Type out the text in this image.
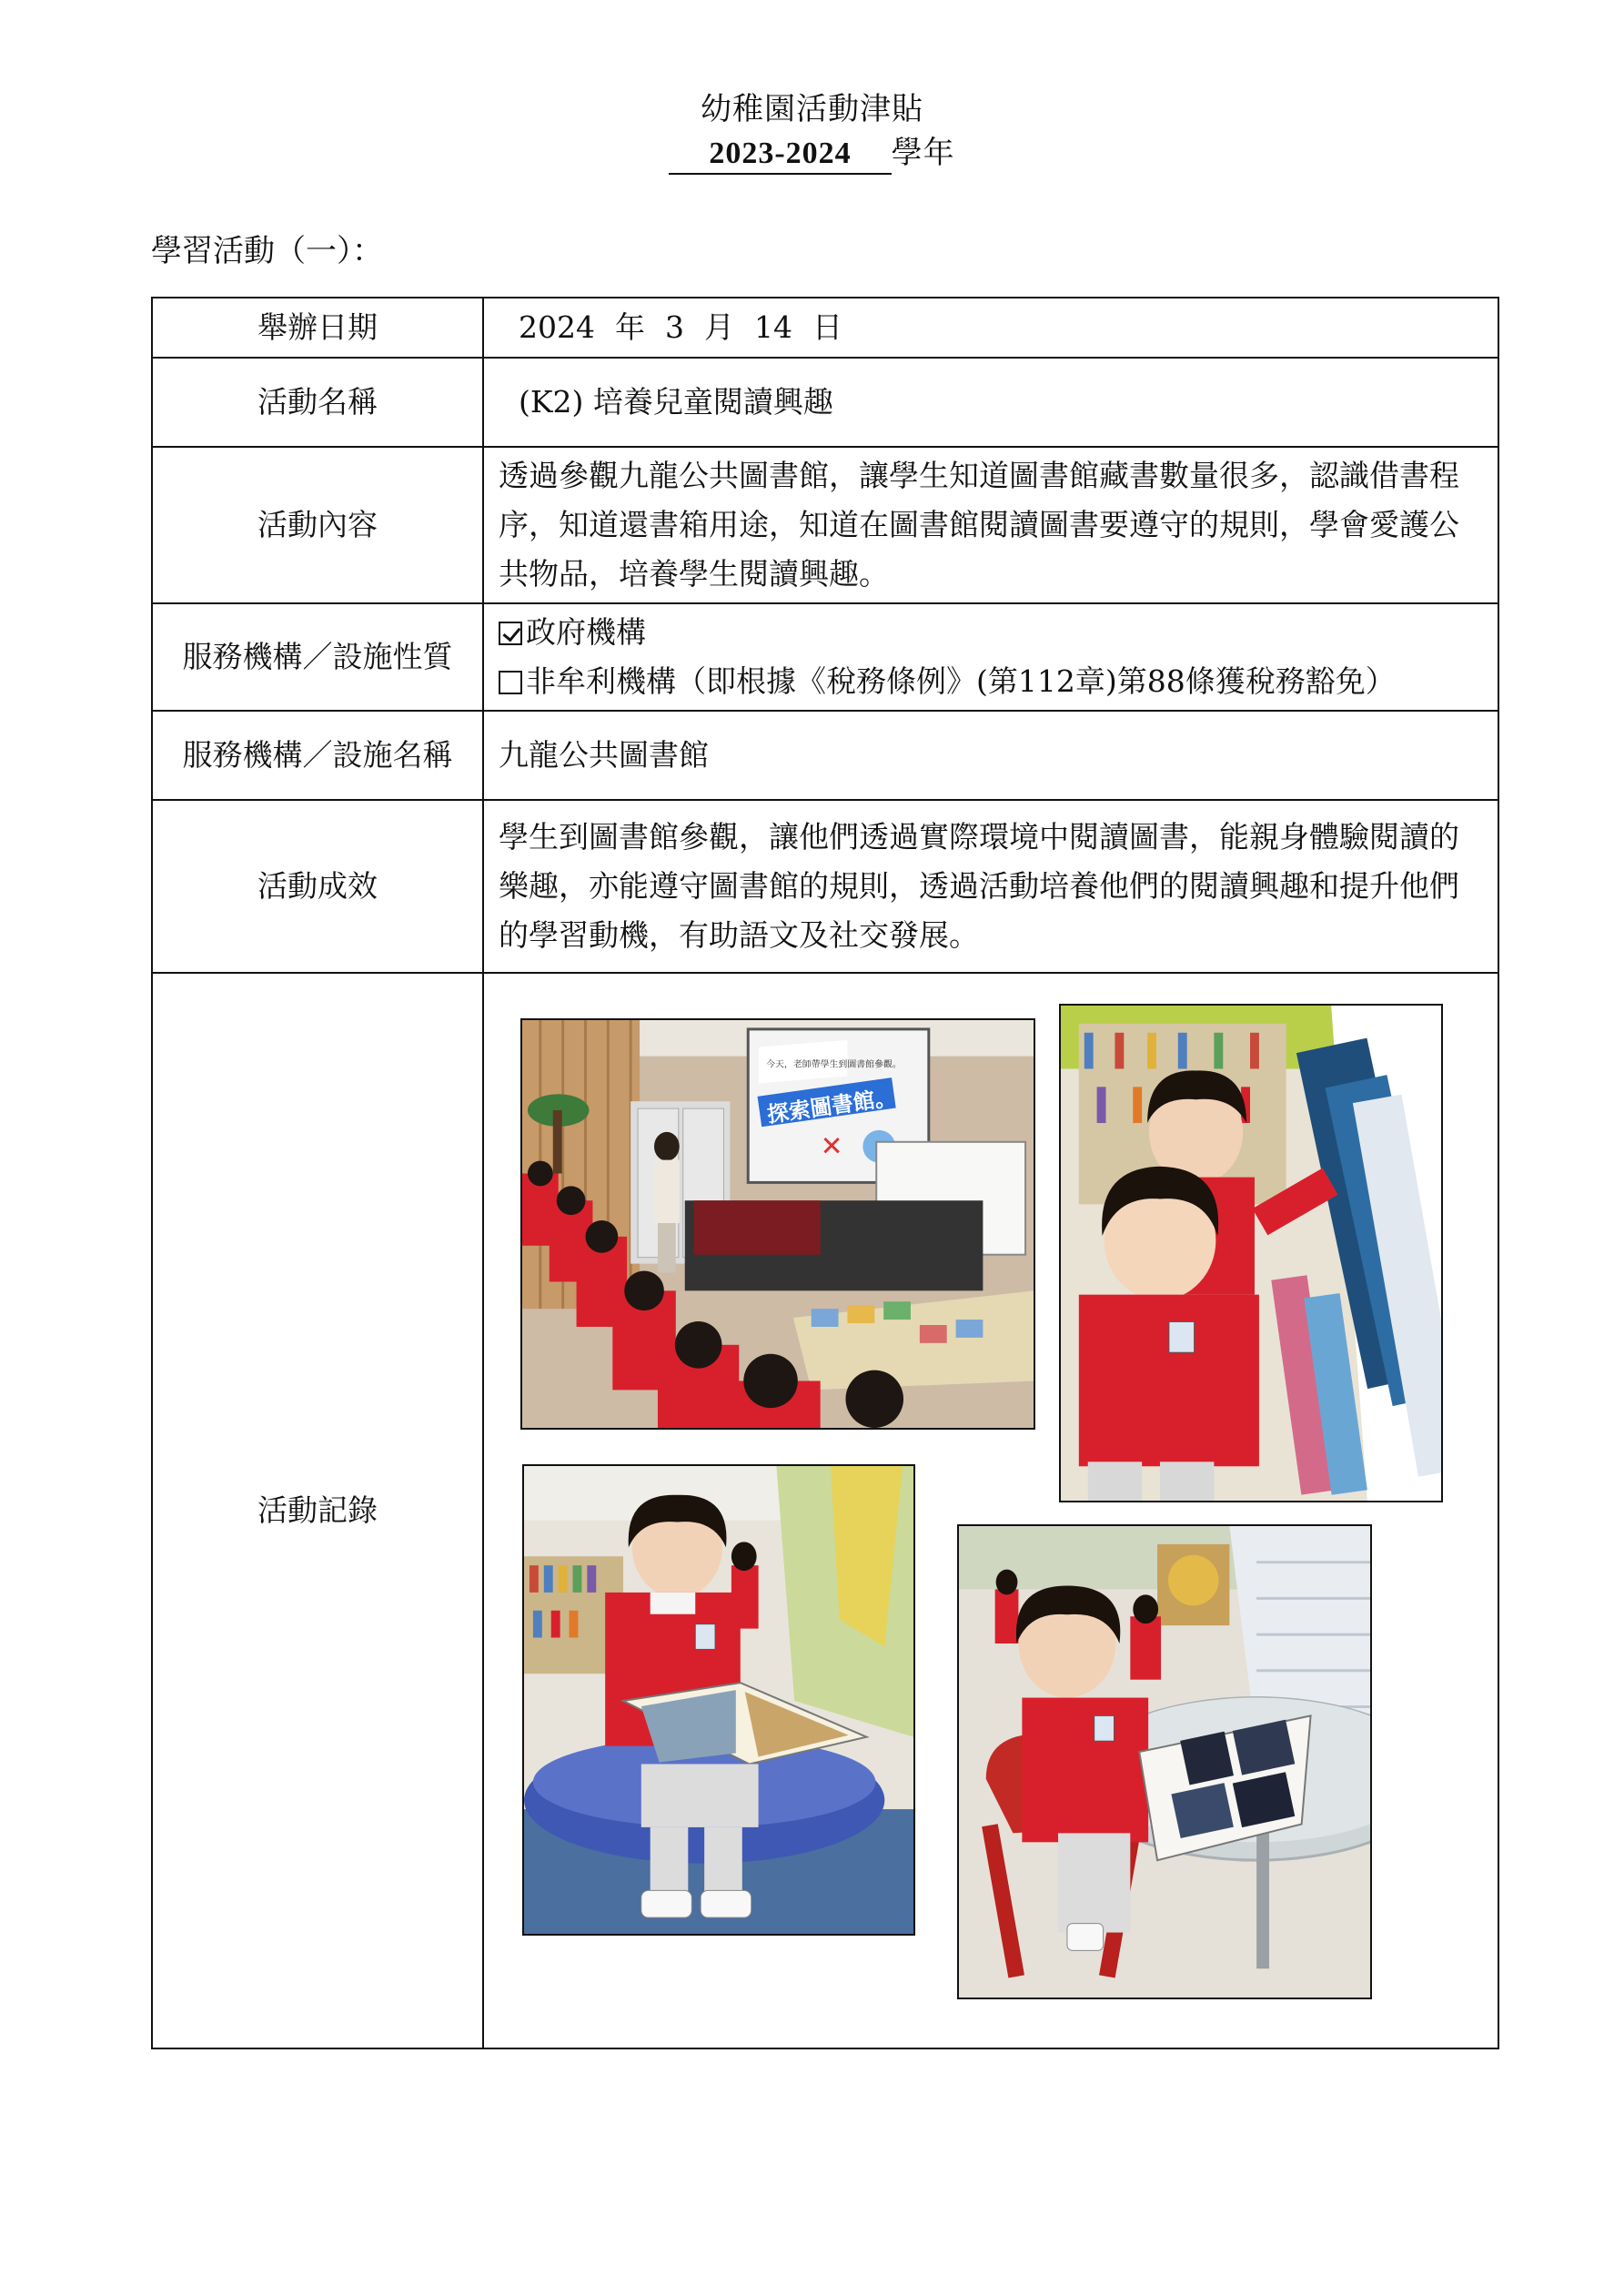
幼稚園活動津貼
2023-2024 學年
學習活動（一）：
舉辦日期	2024 年 3 月 14 日
活動名稱	(K2) 培養兒童閱讀興趣
活動內容	透過參觀九龍公共圖書館，讓學生知道圖書館藏書數量很多，認識借書程序，知道還書箱用途，知道在圖書館閱讀圖書要遵守的規則，學會愛護公共物品，培養學生閱讀興趣。
服務機構／設施性質	政府機構
非牟利機構（即根據《稅務條例》(第112章)第88條獲稅務豁免）

服務機構／設施名稱	九龍公共圖書館
活動成效	學生到圖書館參觀，讓他們透過實際環境中閱讀圖書，能親身體驗閱讀的樂趣，亦能遵守圖書館的規則，透過活動培養他們的閱讀興趣和提升他們的學習動機，有助語文及社交發展。
活動記錄	今天，老師帶學生到圖書館參觀。
探索圖書館。
✕
